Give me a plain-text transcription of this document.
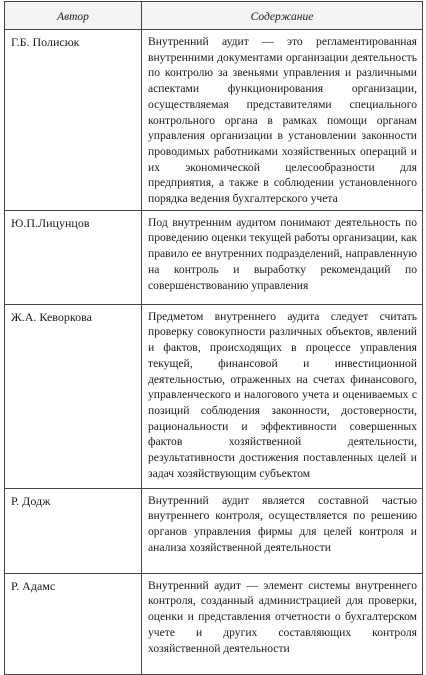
Автор	Содержание
Г.Б. Полисюк	Внутренний аудит — это регламентированная внутренними документами организации деятельность по контролю за звеньями управления и различными аспектами функционирования организации, осуществляемая представителями специального контрольного органа в рамках помощи органам управления организации в установлении законности проводимых работниками хозяйственных операций и их экономической целесообразности для предприятия, а также в соблюдении установленного порядка ведения бухгалтерского учета
Ю.П.Лицунцов	Под внутренним аудитом понимают деятельность по проведению оценки текущей работы организации, как правило ее внутренних подразделений, направленную на контроль и выработку рекомендаций по совершенствованию управления
Ж.А. Кеворкова	Предметом внутреннего аудита следует считать проверку совокупности различных объектов, явлений и фактов, происходящих в процессе управления текущей, финансовой и инвестиционной деятельностью, отраженных на счетах финансового, управленческого и налогового учета и оцениваемых с позиций соблюдения законности, достоверности, рациональности и эффективности совершенных фактов хозяйственной деятельности, результативности достижения поставленных целей и задач хозяйствующим субъектом
Р. Додж	Внутренний аудит является составной частью внутреннего контроля, осуществляется по решению органов управления фирмы для целей контроля и анализа хозяйственной деятельности
Р. Адамс	Внутренний аудит — элемент системы внутреннего контроля, созданный администрацией для проверки, оценки и представления отчетности о бухгалтерском учете и других составляющих контроля хозяйственной деятельности
